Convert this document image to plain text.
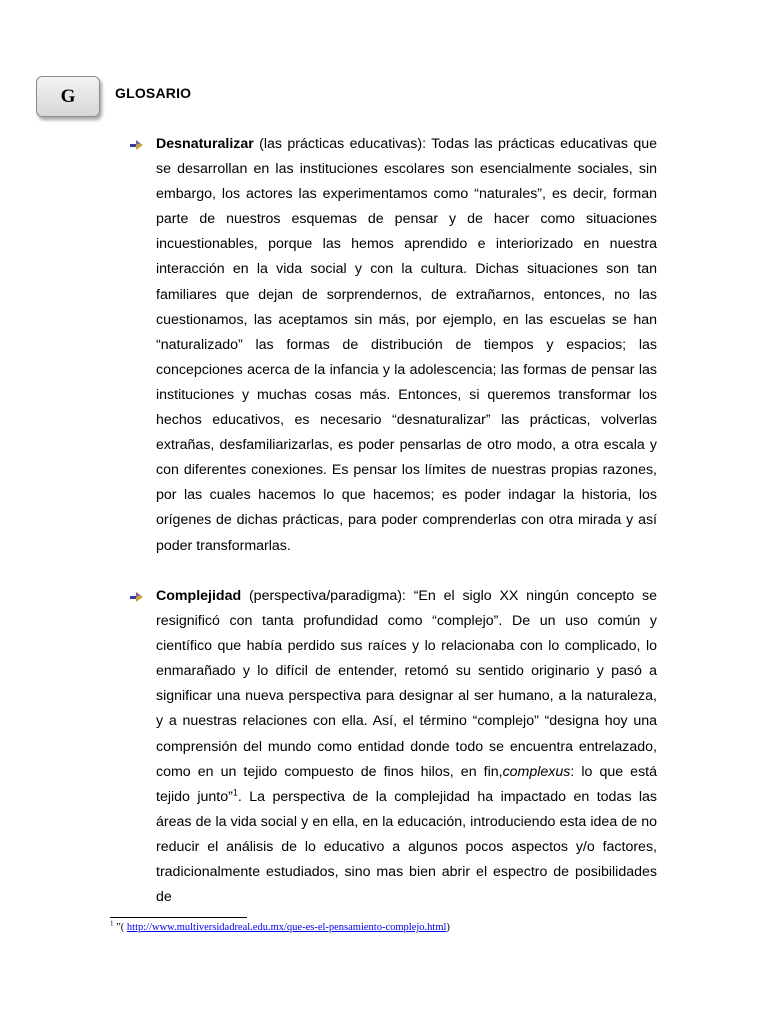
G	GLOSARIO

Desnaturalizar (las prácticas educativas): Todas las prácticas educativas que se desarrollan en las instituciones escolares son esencialmente sociales, sin embargo, los actores las experimentamos como “naturales”, es decir, forman parte de nuestros esquemas de pensar y de hacer como situaciones incuestionables, porque las hemos aprendido e interiorizado en nuestra interacción en la vida social y con la cultura. Dichas situaciones son tan familiares que dejan de sorprendernos, de extrañarnos, entonces, no las cuestionamos, las aceptamos sin más, por ejemplo, en las escuelas se han “naturalizado” las formas de distribución de tiempos y espacios; las concepciones acerca de la infancia y la adolescencia; las formas de pensar las instituciones y muchas cosas más. Entonces, si queremos transformar los hechos educativos, es necesario “desnaturalizar” las prácticas, volverlas extrañas, desfamiliarizarlas, es poder pensarlas de otro modo, a otra escala y con diferentes conexiones. Es pensar los límites de nuestras propias razones, por las cuales hacemos lo que hacemos; es poder indagar la historia, los orígenes de dichas prácticas, para poder comprenderlas con otra mirada y así poder transformarlas.

Complejidad (perspectiva/paradigma): “En el siglo XX ningún concepto se resignificó con tanta profundidad como “complejo”. De un uso común y científico que había perdido sus raíces y lo relacionaba con lo complicado, lo enmarañado y lo difícil de entender, retomó su sentido originario y pasó a significar una nueva perspectiva para designar al ser humano, a la naturaleza, y a nuestras relaciones con ella. Así, el término “complejo” “designa hoy una comprensión del mundo como entidad donde todo se encuentra entrelazado, como en un tejido compuesto de finos hilos, en fin,complexus: lo que está tejido junto”$^1$. La perspectiva de la complejidad ha impactado en todas las áreas de la vida social y en ella, en la educación, introduciendo esta idea de no reducir el análisis de lo educativo a algunos pocos aspectos y/o factores, tradicionalmente estudiados, sino mas bien abrir el espectro de posibilidades de

$^1$ ”( http://www.multiversidadreal.edu.mx/que-es-el-pensamiento-complejo.html)
